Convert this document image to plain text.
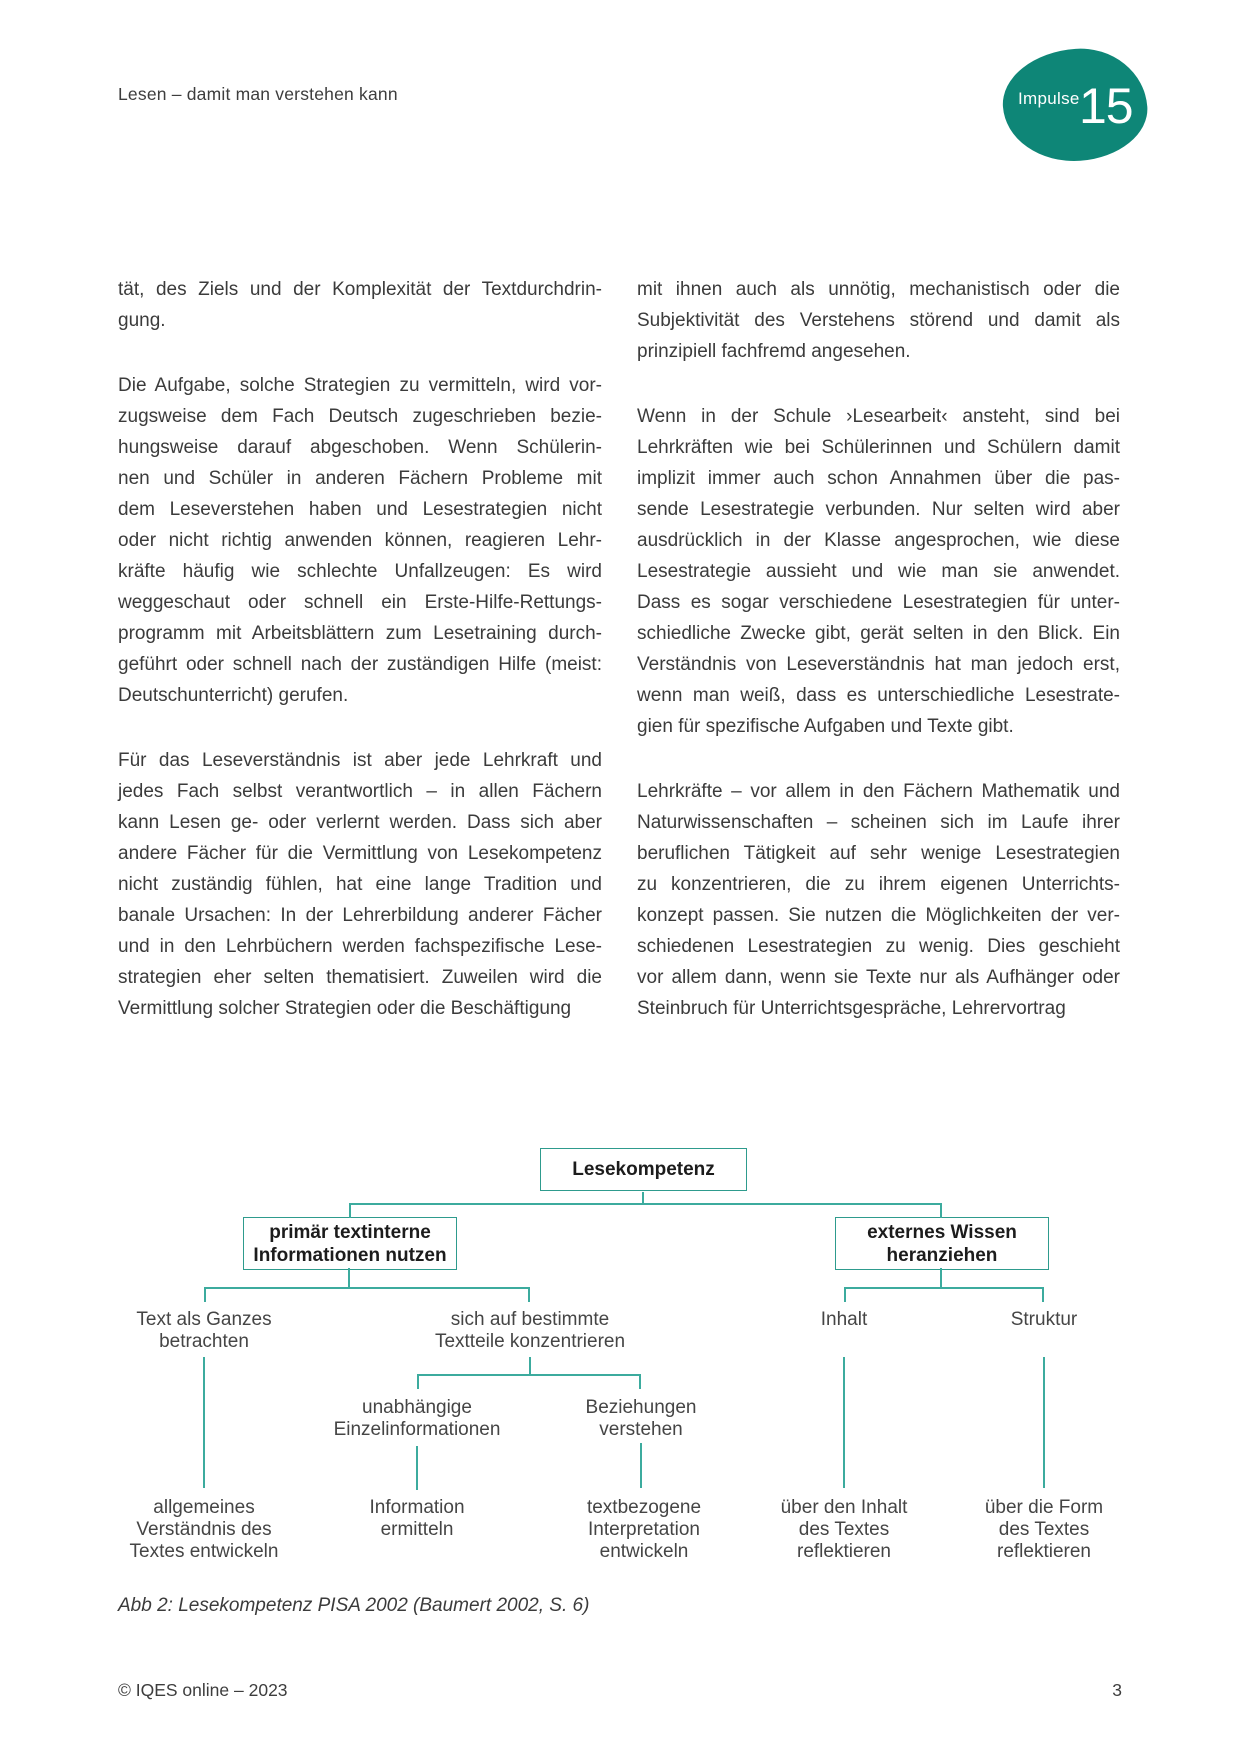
Lesen – damit man verstehen kann	Impulse 15
tät, des Ziels und der Komplexität der Textdurchdrin-
gung.
Die Aufgabe, solche Strategien zu vermitteln, wird vor-
zugsweise dem Fach Deutsch zugeschrieben bezie-
hungsweise darauf abgeschoben. Wenn Schülerin-
nen und Schüler in anderen Fächern Probleme mit
dem Leseverstehen haben und Lesestrategien nicht
oder nicht richtig anwenden können, reagieren Lehr-
kräfte häufig wie schlechte Unfallzeugen: Es wird
weggeschaut oder schnell ein Erste-Hilfe-Rettungs-
programm mit Arbeitsblättern zum Lesetraining durch-
geführt oder schnell nach der zuständigen Hilfe (meist:
Deutschunterricht) gerufen.
Für das Leseverständnis ist aber jede Lehrkraft und
jedes Fach selbst verantwortlich – in allen Fächern
kann Lesen ge- oder verlernt werden. Dass sich aber
andere Fächer für die Vermittlung von Lesekompetenz
nicht zuständig fühlen, hat eine lange Tradition und
banale Ursachen: In der Lehrerbildung anderer Fächer
und in den Lehrbüchern werden fachspezifische Lese-
strategien eher selten thematisiert. Zuweilen wird die
Vermittlung solcher Strategien oder die Beschäftigung
mit ihnen auch als unnötig, mechanistisch oder die
Subjektivität des Verstehens störend und damit als
prinzipiell fachfremd angesehen.
Wenn in der Schule ›Lesearbeit‹ ansteht, sind bei
Lehrkräften wie bei Schülerinnen und Schülern damit
implizit immer auch schon Annahmen über die pas-
sende Lesestrategie verbunden. Nur selten wird aber
ausdrücklich in der Klasse angesprochen, wie diese
Lesestrategie aussieht und wie man sie anwendet.
Dass es sogar verschiedene Lesestrategien für unter-
schiedliche Zwecke gibt, gerät selten in den Blick. Ein
Verständnis von Leseverständnis hat man jedoch erst,
wenn man weiß, dass es unterschiedliche Lesestrate-
gien für spezifische Aufgaben und Texte gibt.
Lehrkräfte – vor allem in den Fächern Mathematik und
Naturwissenschaften – scheinen sich im Laufe ihrer
beruflichen Tätigkeit auf sehr wenige Lesestrategien
zu konzentrieren, die zu ihrem eigenen Unterrichts-
konzept passen. Sie nutzen die Möglichkeiten der ver-
schiedenen Lesestrategien zu wenig. Dies geschieht
vor allem dann, wenn sie Texte nur als Aufhänger oder
Steinbruch für Unterrichtsgespräche, Lehrervortrag
Lesekompetenz
primär textinterne
Informationen nutzen
externes Wissen
heranziehen
Text als Ganzes
betrachten
sich auf bestimmte
Textteile konzentrieren
Inhalt	Struktur
unabhängige
Einzelinformationen
Beziehungen
verstehen
allgemeines
Verständnis des
Textes entwickeln
Information
ermitteln
textbezogene
Interpretation
entwickeln
über den Inhalt
des Textes
reflektieren
über die Form
des Textes
reflektieren
Abb 2: Lesekompetenz PISA 2002 (Baumert 2002, S. 6)
© IQES online – 2023	3
